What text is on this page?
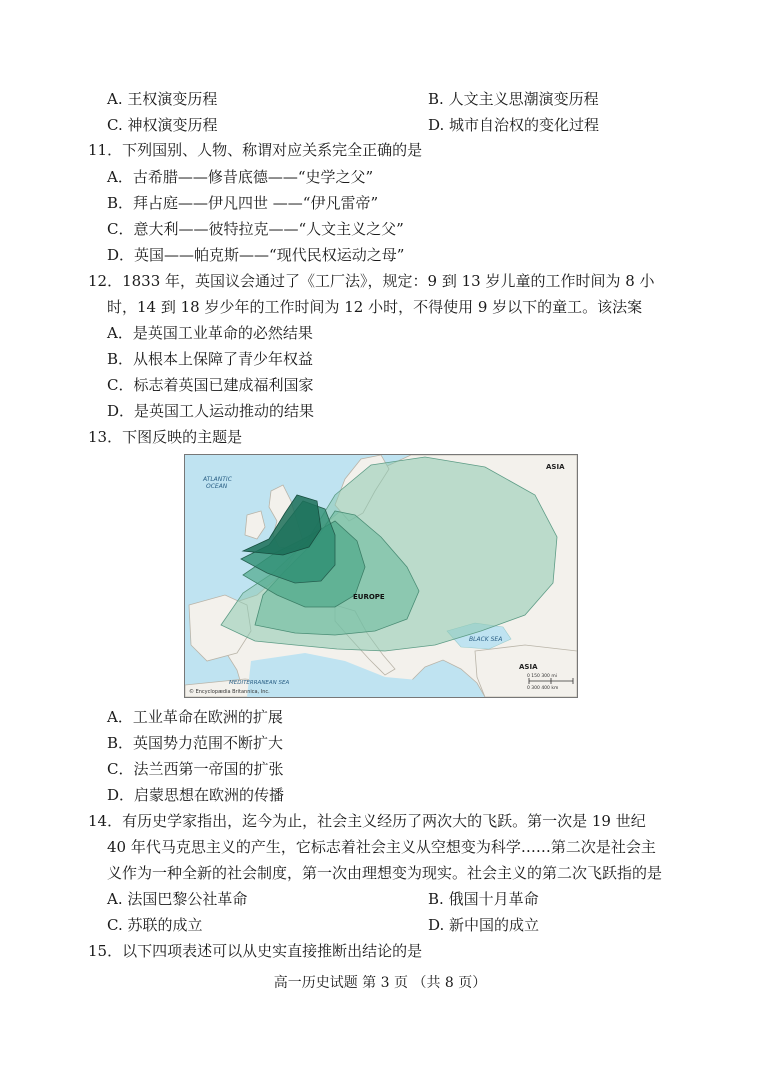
A. 王权演变历程	B. 人文主义思潮演变历程
C. 神权演变历程	D. 城市自治权的变化过程
11．下列国别、人物、称谓对应关系完全正确的是
A．古希腊——修昔底德——“史学之父”
B．拜占庭——伊凡四世 ——“伊凡雷帝”
C．意大利——彼特拉克——“人文主义之父”
D．英国——帕克斯——“现代民权运动之母”
12．1833 年，英国议会通过了《工厂法》，规定：9 到 13 岁儿童的工作时间为 8 小
时，14 到 18 岁少年的工作时间为 12 小时，不得使用 9 岁以下的童工。该法案
A．是英国工业革命的必然结果
B．从根本上保障了青少年权益
C．标志着英国已建成福利国家
D．是英国工人运动推动的结果
13．下图反映的主题是
ATLANTIC
OCEAN
ASIA
EUROPE
BLACK SEA
ASIA
MEDITERRANEAN SEA
© Encyclopædia Britannica, Inc.
0 150 300 mi
0 300 400 km
A．工业革命在欧洲的扩展
B．英国势力范围不断扩大
C．法兰西第一帝国的扩张
D．启蒙思想在欧洲的传播
14．有历史学家指出，迄今为止，社会主义经历了两次大的飞跃。第一次是 19 世纪
40 年代马克思主义的产生，它标志着社会主义从空想变为科学……第二次是社会主
义作为一种全新的社会制度，第一次由理想变为现实。社会主义的第二次飞跃指的是
A. 法国巴黎公社革命	B. 俄国十月革命
C. 苏联的成立	D. 新中国的成立
15．以下四项表述可以从史实直接推断出结论的是
高一历史试题 第 3 页 （共 8 页）
